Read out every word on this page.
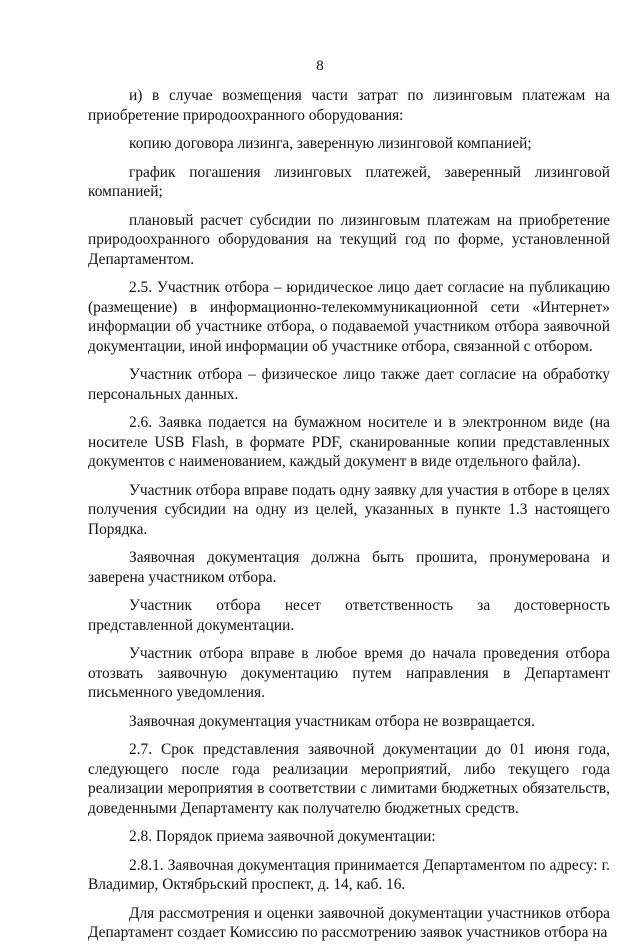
8

и) в случае возмещения части затрат по лизинговым платежам на приобретение природоохранного оборудования:

копию договора лизинга, заверенную лизинговой компанией;

график погашения лизинговых платежей, заверенный лизинговой компанией;

плановый расчет субсидии по лизинговым платежам на приобретение природоохранного оборудования на текущий год по форме, установленной Департаментом.

2.5. Участник отбора – юридическое лицо дает согласие на публикацию (размещение) в информационно-телекоммуникационной сети «Интернет» информации об участнике отбора, о подаваемой участником отбора заявочной документации, иной информации об участнике отбора, связанной с отбором.

Участник отбора – физическое лицо также дает согласие на обработку персональных данных.

2.6. Заявка подается на бумажном носителе и в электронном виде (на носителе USB Flash, в формате PDF, сканированные копии представленных документов с наименованием, каждый документ в виде отдельного файла).

Участник отбора вправе подать одну заявку для участия в отборе в целях получения субсидии на одну из целей, указанных в пункте 1.3 настоящего Порядка.

Заявочная документация должна быть прошита, пронумерована и заверена участником отбора.

Участник отбора несет ответственность за достоверность представленной документации.

Участник отбора вправе в любое время до начала проведения отбора отозвать заявочную документацию путем направления в Департамент письменного уведомления.

Заявочная документация участникам отбора не возвращается.

2.7. Срок представления заявочной документации до 01 июня года, следующего после года реализации мероприятий, либо текущего года реализации мероприятия в соответствии с лимитами бюджетных обязательств, доведенными Департаменту как получателю бюджетных средств.

2.8. Порядок приема заявочной документации:

2.8.1. Заявочная документация принимается Департаментом по адресу: г. Владимир, Октябрьский проспект, д. 14, каб. 16.

Для рассмотрения и оценки заявочной документации участников отбора Департамент создает Комиссию по рассмотрению заявок участников отбора на
